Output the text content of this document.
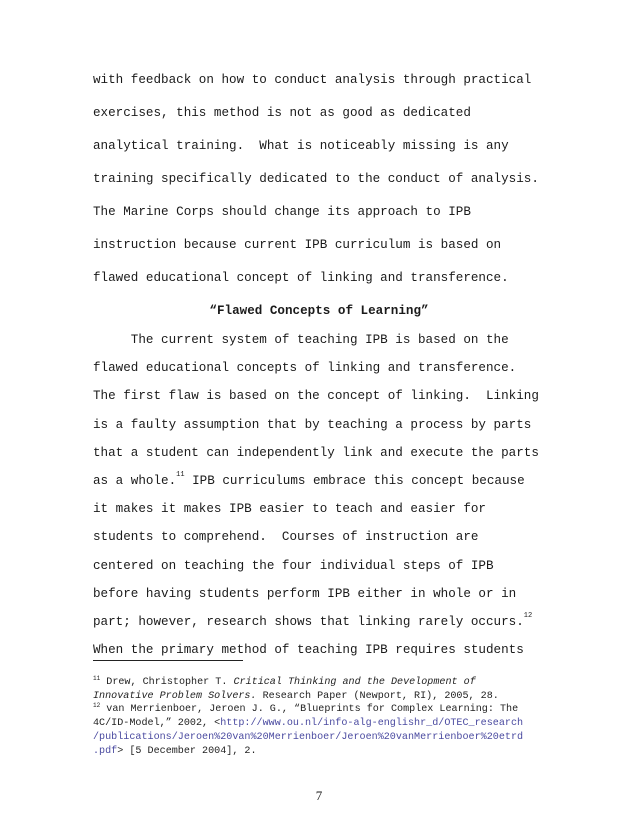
with feedback on how to conduct analysis through practical
exercises, this method is not as good as dedicated
analytical training.  What is noticeably missing is any
training specifically dedicated to the conduct of analysis.
The Marine Corps should change its approach to IPB
instruction because current IPB curriculum is based on
flawed educational concept of linking and transference.
“Flawed Concepts of Learning”
The current system of teaching IPB is based on the
flawed educational concepts of linking and transference.
The first flaw is based on the concept of linking.  Linking
is a faulty assumption that by teaching a process by parts
that a student can independently link and execute the parts
as a whole.$^{11}$ IPB curriculums embrace this concept because
it makes it makes IPB easier to teach and easier for
students to comprehend.  Courses of instruction are
centered on teaching the four individual steps of IPB
before having students perform IPB either in whole or in
part; however, research shows that linking rarely occurs.$^{12}$
When the primary method of teaching IPB requires students
$^{11}$ Drew, Christopher T. Critical Thinking and the Development of
Innovative Problem Solvers. Research Paper (Newport, RI), 2005, 28.
$^{12}$ van Merrienboer, Jeroen J. G., “Blueprints for Complex Learning: The
4C/ID-Model,” 2002, <http://www.ou.nl/info-alg-englishr_d/OTEC_research
/publications/Jeroen%20van%20Merrienboer/Jeroen%20vanMerrienboer%20etrd
.pdf> [5 December 2004], 2.
7
